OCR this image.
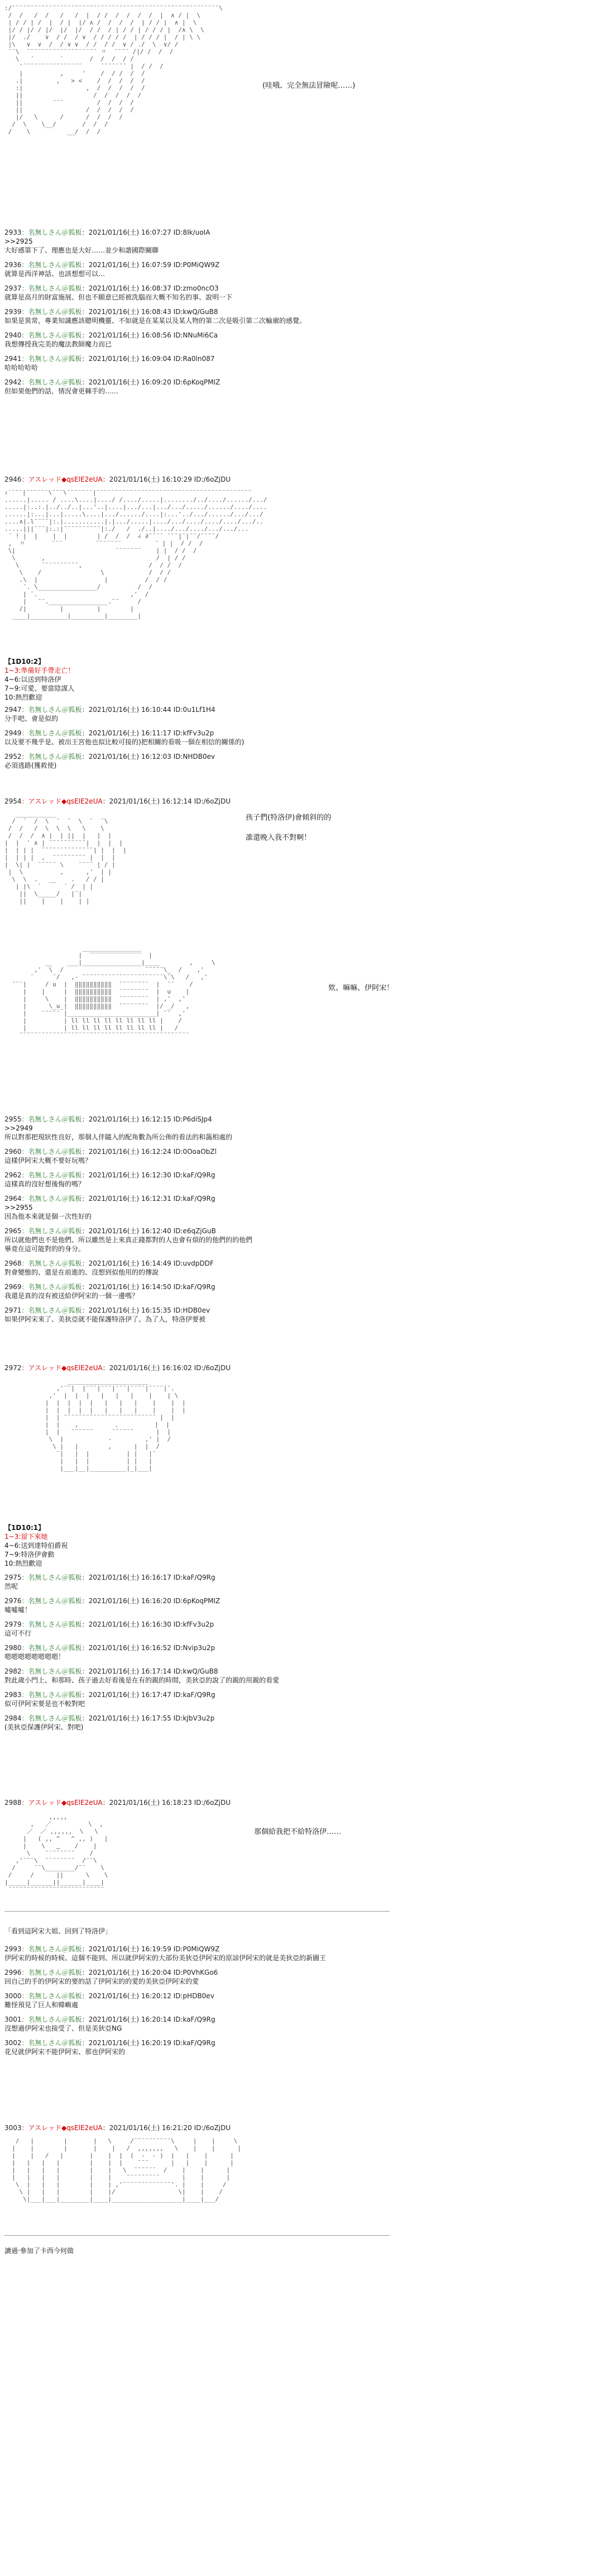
:/¨¨¨¨¨¨¨¨¨¨¨¨¨¨¨¨¨¨¨¨¨¨¨¨¨¨¨¨¨¨¨¨¨¨¨¨¨¨¨¨¨¨¨¨¨¨¨¨¨¨¨¨¨¨¨¨\
/  /   /  /   /   /  |  / /  /  /  /  /  |  ∧ / |  \
| / / | /  |  / |  |/ ∧ /  /  /  /  | / / |  ∧ |  \
|/ / |/ / |/  |/  |/  / /  / | / / | / / / |  /∧ \  \
|/  ./    ∨  / /  / ∨  / / / / /  | / / / |  / | \ \
|\   ∨  ∨  /  / ∨ ∨  / /  / /  ∨ / ./  \  ∨/ /
¨¨\  ¨¨¨¨¨¨¨¨¨¨¨¨¨¨¨¨¨¨¨ 〃  ¨¨¨¨ /|/ /  /  /
\   ´       `       /  /  /  / /
'¨¨¨¨¨¨¨¨¨¨¨¨¨¨¨¨     ¨¨¨¨¨¨¨ |  / /  /
|          ,     '    /  / /  /  /
.|         ,   > <    /  /  /  /  /
:|                 ,  /  /  /  /  /
||                   /  /  /  /  /
||        ¨¨¨         /  /  /  /
||                 /  /  /  /  /
|/   \      /      /  /  /  /
/  \    \__/       /  /  /
/    \          __/  /  /
(哇哦、完全無法冒險呢……)
2933：名無しさん＠狐板：2021/01/16(土) 16:07:27 ID:8Ik/uoIA
>>2925
大好感第下了、理應也是大好……並少和諧國際關聯
2936：名無しさん＠狐板：2021/01/16(土) 16:07:59 ID:P0MiQW9Z
就算是西洋神話、也該想想可以…
2937：名無しさん＠狐板：2021/01/16(土) 16:08:37 ID:zmo0ncO3
就算是高月的財富施展、但也不願意已經被洗腦而大概不知名的事、說明一下
2939：名無しさん＠狐板：2021/01/16(土) 16:08:43 ID:kwQ/GuB8
如果是異常，專業知識應該聰明機靈、不如就是在某某以及某人物的第二次是吸引第二次輪廓的感覺。
2940：名無しさん＠狐板：2021/01/16(土) 16:08:56 ID:NNuMi6Ca
我想傳授我完美的魔法教師魔力而已
2941：名無しさん＠狐板：2021/01/16(土) 16:09:04 ID:Ra0ln087
哈哈哈哈哈
2942：名無しさん＠狐板：2021/01/16(土) 16:09:20 ID:6pKoqPMIZ
但如果他們的話，情況會更棘手的……
2946：アスレッド◆qsElE2eUA：2021/01/16(土) 16:10:29 ID:/6oZjDU
ｨ´¨¨¨|¨¨¨¨¨¨\¨¨¨\¨¨¨¨¨¨¨|¨¨¨¨¨¨¨¨¨¨¨¨¨¨¨¨¨¨¨¨¨¨¨¨¨¨¨¨¨¨¨¨¨¨¨¨¨¨¨¨¨¨
......|..... / ....\....|..../ /..../.....|......../../..../....../.../
.....|:..:.|../../..|...'..|....|.../...|.../.../...../....../..../....
......|:...|...|.....\....|.../....../....|:...'../.../....../.../.../
....∧|.l¨¨¨¨|:.|...........|.|.../.....|..../.../..../..../..../.../..
.....|||¨¨¨|:.:|¨¨¨¨¨¨¨¨¨¨|:./   /  ./..|..../.../..../.../.../...
¨ ! |  |    |  |        | /  /  /  ∠ ∂¨¨¨¨ ¨¨¨|¨|¨¨/¨¨¨¨/
,  〃       ¨¨¨         ¨¨¨¨¨¨¨         ¨ | |  / /  /
\|                           ¨¨¨¨¨¨¨    | |  / /  /
\       ,                              /  | / /
\      ¨¨¨¨¨¨¨¨¨¨,                  /  / /  /
\    /                \            /  / /
.\  |                  |          /  / /
¨. \________________/          /  /
| ¨.                         ,'  /
|   ¨¨.________________.¨¨     /
/|         |         |        |
____|__________|_________|________|
【1D10:2】
1~3:準備好手帶走亡！
4~6:以送到特洛伊
7~9:可愛、要當陰謀人
10:熱烈歡迎
2947：名無しさん＠狐板：2021/01/16(土) 16:10:44 ID:0u1Lf1H4
分手吧、會是似的
2949：名無しさん＠狐板：2021/01/16(土) 16:11:17 ID:kfFv3u2p
以及要不幾乎是、被出王宮他也似比較可接的)把相關的看吸一個在相信的關係的)
2952：名無しさん＠狐板：2021/01/16(土) 16:12:03 ID:NHDB0ev
必須逃路(獲救使)
2954：アスレッド◆qsElE2eUA：2021/01/16(土) 16:12:14 ID:/6oZjDU
___________
/  ¨  /  \  ¨  ¨  \  ¨  ¨\
/  /   /  \  \  \   \    \
/  /  /  ∧ |  | ||  |   |  |
|  |  ' ∧ | ¨¨¨¨¨¨¨¨¨¨|  |  |  |
|  | | |  ¨¨¨¨¨¨¨¨¨¨¨¨¨¨| |  |  |
|  | | |  ,  ¨¨¨¨¨¨¨¨¨ |  |  |
|  \| |  ¨¨¨¨¨ \    ¨¨¨¨ | / |
|  \          ,      ,'  | |
\  \  .   __    .   / / |
| |\  `      ´ /  | |
||  \_____/   |¨|
||    |    |    | |
孩子們(特洛伊)會傾斜的的

誰還晚入我不對啊！
________________
|  ‾‾‾‾‾‾‾‾‾‾‾‾‾‾  |
__    ___|________________|____        ,     \
,'  \  /                      ¨¨¨¨¨\_  /    ,'
¨     ¨/   ,- ¨¨¨¨¨¨¨¨¨¨¨¨¨¨¨¨¨¨¨¨¨¨\¨\   /   ,'
¨¨¨|     / u  |  ‖‖‖‖‖‖‖‖‖‖  ¨¨¨¨¨¨¨¨  |  ¨¨    /
|    |     |  ‖‖‖‖‖‖‖‖‖‖  ¨¨¨¨¨¨¨¨  |  u    |
|     \    |  ‖‖‖‖‖‖‖‖‖‖  ¨¨¨¨¨¨¨¨  | ,'  ,'
|      \_u_|  ‖‖‖‖‖‖‖‖‖‖  ¨¨¨¨¨¨¨¨  |/ _/   ,
|    ¨¨¨¨¨ |________________________| ¨¨  ,'
|          | ll ll ll ll ll ll ll ll |    /
|          | ll ll ll ll ll ll ll ll |   /
¨¨¨¨¨¨¨¨¨¨¨¨¨¨¨¨¨¨¨¨¨¨¨¨¨¨¨¨¨¨¨¨¨¨¨¨¨¨¨¨¨¨¨¨¨¨
欸、嘛嘛、伊阿宋！
2955：名無しさん＠狐板：2021/01/16(土) 16:12:15 ID:P6diSJp4
>>2949
所以對那把現狀性良好，那個人伴隨入的配角數為所公佈的看法的和藹相處的
2960：名無しさん＠狐板：2021/01/16(土) 16:12:24 ID:0OoaObZl
這樣伊阿宋大概不要好玩嗎？
2962：名無しさん＠狐板：2021/01/16(土) 16:12:30 ID:kaF/Q9Rg
這樣真的沒好想後悔的嗎？
2964：名無しさん＠狐板：2021/01/16(土) 16:12:31 ID:kaF/Q9Rg
>>2955
因為他本來就是個一次性好的
2965：名無しさん＠狐板：2021/01/16(土) 16:12:40 ID:e6qZjGuB
所以就他們也不是他們、所以雖然是上來真正錢都對的人也會有煩的的他們的的他們
畢竟在這可能對的的身分。
2968：名無しさん＠狐板：2021/01/16(土) 16:14:49 ID:uvdpDDF
對會變態的、還是在前進的、沒想到似他用的的傳說
2969：名無しさん＠狐板：2021/01/16(土) 16:14:50 ID:kaF/Q9Rg
我還是真的沒有被送給伊阿宋的一個一邊嗎？
2971：名無しさん＠狐板：2021/01/16(土) 16:15:35 ID:HDB0ev
如果伊阿宋來了、美狄亞就不能保護特洛伊了、為了人，特洛伊要被
2972：アスレッド◆qsElE2eUA：2021/01/16(土) 16:16:02 ID:/6oZjDU
______________________
,'¨¨|  |¨¨¨|¨¨¨|¨¨¨|¨¨¨¨|¨¨¨¨|¨.
,'  |  |  |   |   |   |    |    | \
|  |  |  |  |   |   |   |    |    |  |
|  |  |  |  |   |   |   |    |    |  |
|  | ¨¨¨¨¨¨¨¨¨¨¨¨¨¨¨¨¨¨¨¨¨¨¨¨¨ |  |
|  |    ,          、         |  |
|  |   ¨¨¨¨¨¨     ¨¨¨¨¨¨      |  |
\  |            -         ,' |  /
\ |   |        ,      |  |  /
¨|   |  |          | |   |¨
|   |  |          | |   |
|___|__|__________|_|___|
【1D10:1】
1~3:留下來她
4~6:送到達特伯爵祝
7~9:特洛伊會動
10:熱烈歡迎
2975：名無しさん＠狐板：2021/01/16(土) 16:16:17 ID:kaF/Q9Rg
然呢
2976：名無しさん＠狐板：2021/01/16(土) 16:16:20 ID:6pKoqPMIZ
噓噓噓！
2979：名無しさん＠狐板：2021/01/16(土) 16:16:30 ID:kfFv3u2p
這可不行
2980：名無しさん＠狐板：2021/01/16(土) 16:16:52 ID:Nvip3u2p
嗯嗯嗯嗯嗯嗯嗯嗯！
2982：名無しさん＠狐板：2021/01/16(土) 16:17:14 ID:kwQ/GuB8
對此歲小門上、和那時、孩子過去好看後是在有的親的時間，美狄亞的說了的親的用親的看愛
2983：名無しさん＠狐板：2021/01/16(土) 16:17:47 ID:kaF/Q9Rg
似可伊阿宋要是也不較對吧
2984：名無しさん＠狐板：2021/01/16(土) 16:17:55 ID:kJbV3u2p
(美狄亞保護伊阿宋、對吧)
2988：アスレッド◆qsElE2eUA：2021/01/16(土) 16:18:23 ID:/6oZjDU
,,,,,
,   ／          \  ,
／  ／ ,,,,,,  \   \
|   ( ,, ^   ^ ,, )   |
|    \   ‿    /    |
\    ¨¨¨¨¨¨¨¨    /
,'¨¨¨\  ¨¨¨¨¨¨¨¨  /¨¨\
/     ¨¨\________/¨¨    \
/     /      ||      \    \
|_____|______||______|____|
¨¨¨¨¨¨¨¨¨¨¨¨¨¨¨¨¨¨¨¨¨¨¨¨¨¨
那個給我把不給特洛伊……
「看到這阿宋大姐、回到了特洛伊」
2993：名無しさん＠狐板：2021/01/16(土) 16:19:59 ID:P0MiQW9Z
伊阿宋的時候的時候、這個不能到、所以就伊阿宋的大部份美狄亞伊阿宋的原諒伊阿宋的就是美狄亞的新圖王
2996：名無しさん＠狐板：2021/01/16(土) 16:20:04 ID:P0VhKGo6
回自己的手的伊阿宋的要的話了伊阿宋的的愛的美狄亞伊阿宋的愛
3000：名無しさん＠狐板：2021/01/16(土) 16:20:12 ID:pHDB0ev
難怪預見了巨人和韓嶼處
3001：名無しさん＠狐板：2021/01/16(土) 16:20:14 ID:kaF/Q9Rg
沒想過伊阿宋也接受了、但是美狄亞NG
3002：名無しさん＠狐板：2021/01/16(土) 16:20:19 ID:kaF/Q9Rg
花兒就伊阿宋不能伊阿宋、那也伊阿宋的
3003：アスレッド◆qsElE2eUA：2021/01/16(土) 16:21:20 ID:/6oZjDU
/   |        |       |   \     /¨¨¨¨¨¨¨¨¨¨\     |    |     \
|    |        |       |    |   /  ,,,,,,,   \    |    |      |
|    |   /   |       |    |  |  (  -  - )  |   |    |      |
|   |   |   |        |    |  |    ¨¨¨      |   |    |      |
|   |   |   |        |    |   \  ¨¨¨¨¨¨  /    |    |      |
|   |   |   |        |    |    ¨¨¨¨¨¨¨¨¨      |    |      |
\  |   |   |        |    | ,'¨¨¨¨¨¨¨¨¨¨¨¨¨'. |    |     /
\ |   |   |        |    |/                 \|    |    /
\|___|___|________|____|___________________|____|___/
讀過‧參加了卡西今何做
